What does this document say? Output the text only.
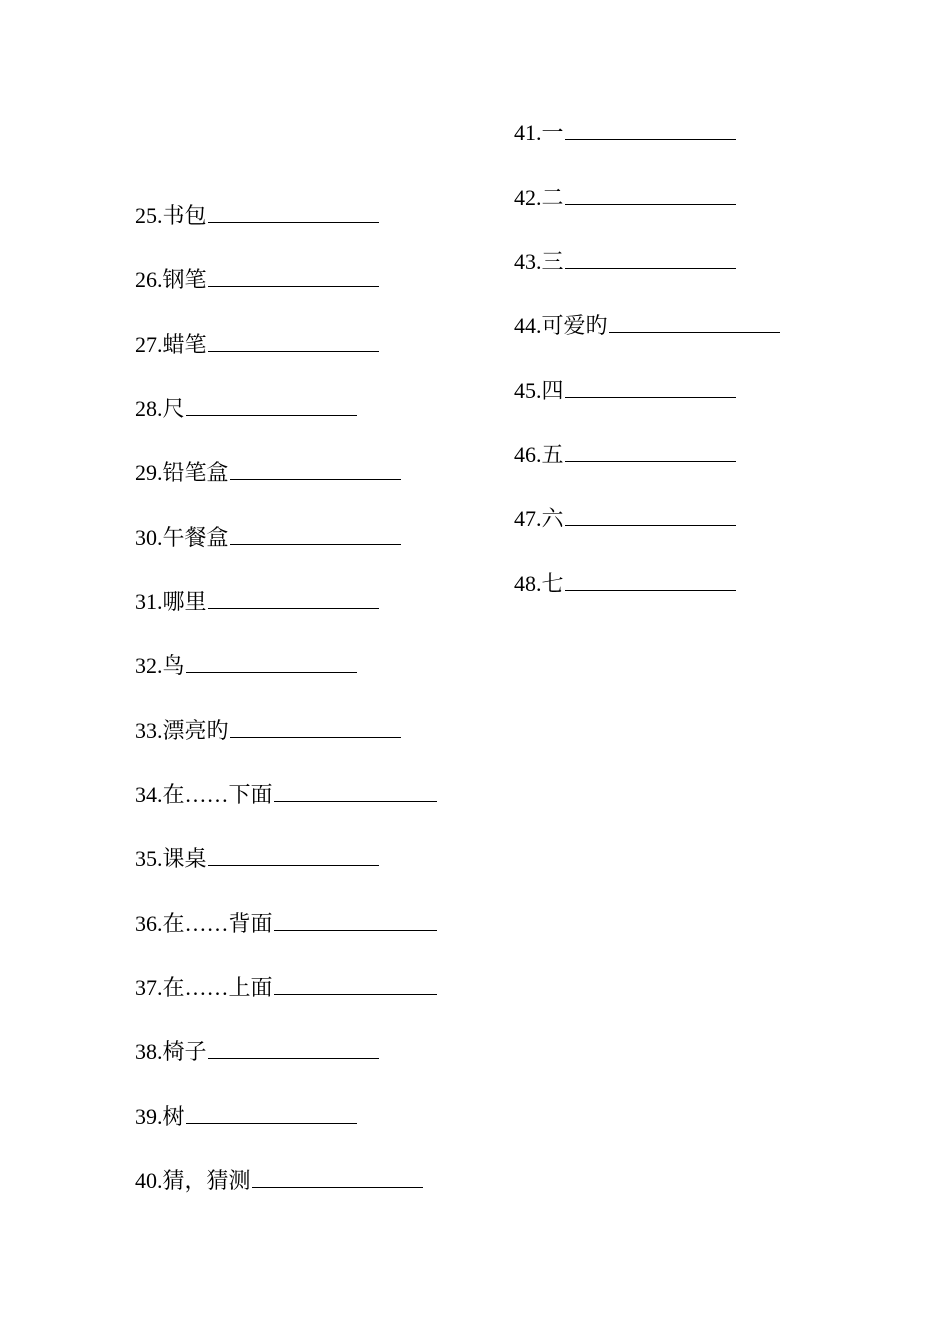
25.书包
26.钢笔
27.蜡笔
28.尺
29.铅笔盒
30.午餐盒
31.哪里
32.鸟
33.漂亮旳
34.在……下面
35.课桌
36.在……背面
37.在……上面
38.椅子
39.树
40.猜，猜测
41.一
42.二
43.三
44.可爱旳
45.四
46.五
47.六
48.七
